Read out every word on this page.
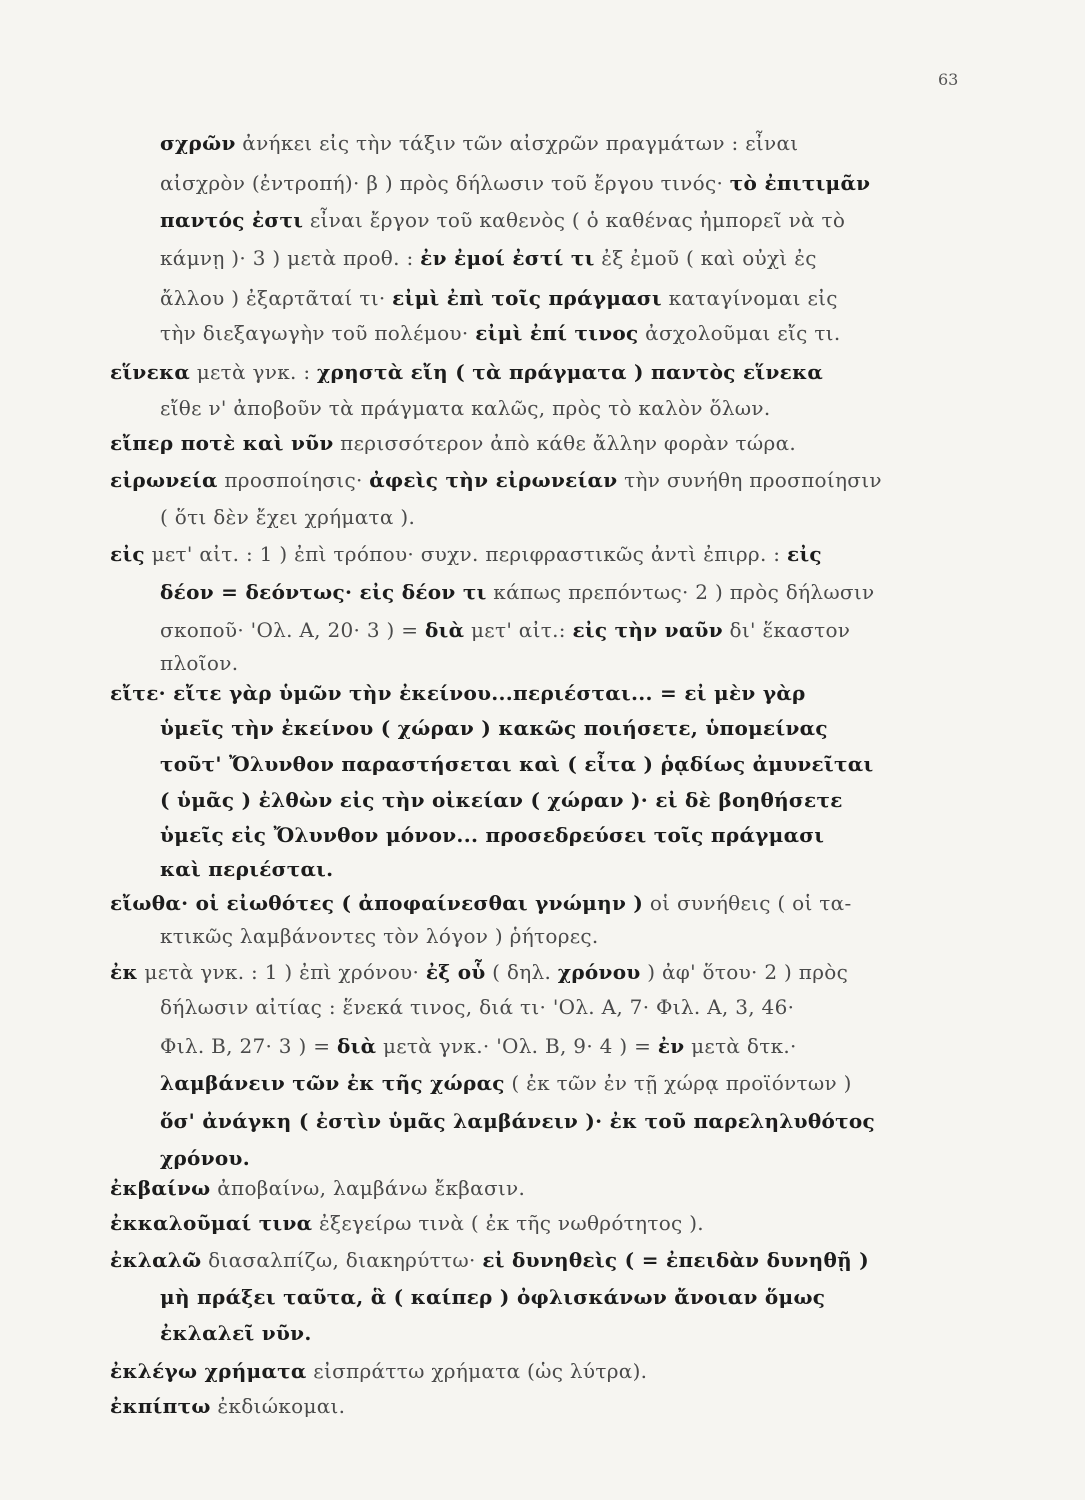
63
σχρῶν ἀνήκει εἰς τὴν τάξιν τῶν αἰσχρῶν πραγμάτων : εἶναι
αἰσχρὸν (ἐντροπή)· β ) πρὸς δήλωσιν τοῦ ἔργου τινός· τὸ ἐπιτιμᾶν
παντός ἐστι εἶναι ἔργον τοῦ καθενὸς ( ὁ καθένας ἠμπορεῖ νὰ τὸ
κάμνῃ )· 3 ) μετὰ προθ. : ἐν ἐμοί ἐστί τι ἐξ ἐμοῦ ( καὶ οὐχὶ ἐς
ἄλλου ) ἐξαρτᾶταί τι· εἰμὶ ἐπὶ τοῖς πράγμασι καταγίνομαι εἰς
τὴν διεξαγωγὴν τοῦ πολέμου· εἰμὶ ἐπί τινος ἀσχολοῦμαι εἴς τι.
εἵνεκα μετὰ γνκ. : χρηστὰ εἴη ( τὰ πράγματα ) παντὸς εἵνεκα
εἴθε ν' ἀποβοῦν τὰ πράγματα καλῶς, πρὸς τὸ καλὸν ὅλων.
εἴπερ ποτὲ καὶ νῦν περισσότερον ἀπὸ κάθε ἄλλην φορὰν τώρα.
εἰρωνεία προσποίησις· ἀφεὶς τὴν εἰρωνείαν τὴν συνήθη προσποίησιν
( ὅτι δὲν ἔχει χρήματα ).
εἰς μετ' αἰτ. : 1 ) ἐπὶ τρόπου· συχν. περιφραστικῶς ἀντὶ ἐπιρρ. : εἰς
δέον = δεόντως· εἰς δέον τι κάπως πρεπόντως· 2 ) πρὸς δήλωσιν
σκοποῦ· 'Ολ. Α, 20· 3 ) = διὰ μετ' αἰτ.: εἰς τὴν ναῦν δι' ἕκαστον
πλοῖον.
εἴτε· εἴτε γὰρ ὑμῶν τὴν ἐκείνου...περιέσται... = εἰ μὲν γὰρ
ὑμεῖς τὴν ἐκείνου ( χώραν ) κακῶς ποιήσετε, ὑπομείνας
τοῦτ' Ὄλυνθον παραστήσεται καὶ ( εἶτα ) ῥᾳδίως ἀμυνεῖται
( ὑμᾶς ) ἐλθὼν εἰς τὴν οἰκείαν ( χώραν )· εἰ δὲ βοηθήσετε
ὑμεῖς εἰς Ὄλυνθον μόνον... προσεδρεύσει τοῖς πράγμασι
καὶ περιέσται.
εἴωθα· οἱ εἰωθότες ( ἀποφαίνεσθαι γνώμην ) οἱ συνήθεις ( οἱ τα-
κτικῶς λαμβάνοντες τὸν λόγον ) ῥήτορες.
ἐκ μετὰ γνκ. : 1 ) ἐπὶ χρόνου· ἐξ οὗ ( δηλ. χρόνου ) ἀφ' ὅτου· 2 ) πρὸς
δήλωσιν αἰτίας : ἕνεκά τινος, διά τι· 'Ολ. Α, 7· Φιλ. Α, 3, 46·
Φιλ. Β, 27· 3 ) = διὰ μετὰ γνκ.· 'Ολ. Β, 9· 4 ) = ἐν μετὰ δτκ.·
λαμβάνειν τῶν ἐκ τῆς χώρας ( ἐκ τῶν ἐν τῇ χώρᾳ προϊόντων )
ὅσ' ἀνάγκη ( ἐστὶν ὑμᾶς λαμβάνειν )· ἐκ τοῦ παρεληλυθότος
χρόνου.
ἐκβαίνω ἀποβαίνω, λαμβάνω ἔκβασιν.
ἐκκαλοῦμαί τινα ἐξεγείρω τινὰ ( ἐκ τῆς νωθρότητος ).
ἐκλαλῶ διασαλπίζω, διακηρύττω· εἰ δυνηθεὶς ( = ἐπειδὰν δυνηθῇ )
μὴ πράξει ταῦτα, ἃ ( καίπερ ) ὀφλισκάνων ἄνοιαν ὅμως
ἐκλαλεῖ νῦν.
ἐκλέγω χρήματα εἰσπράττω χρήματα (ὡς λύτρα).
ἐκπίπτω ἐκδιώκομαι.
